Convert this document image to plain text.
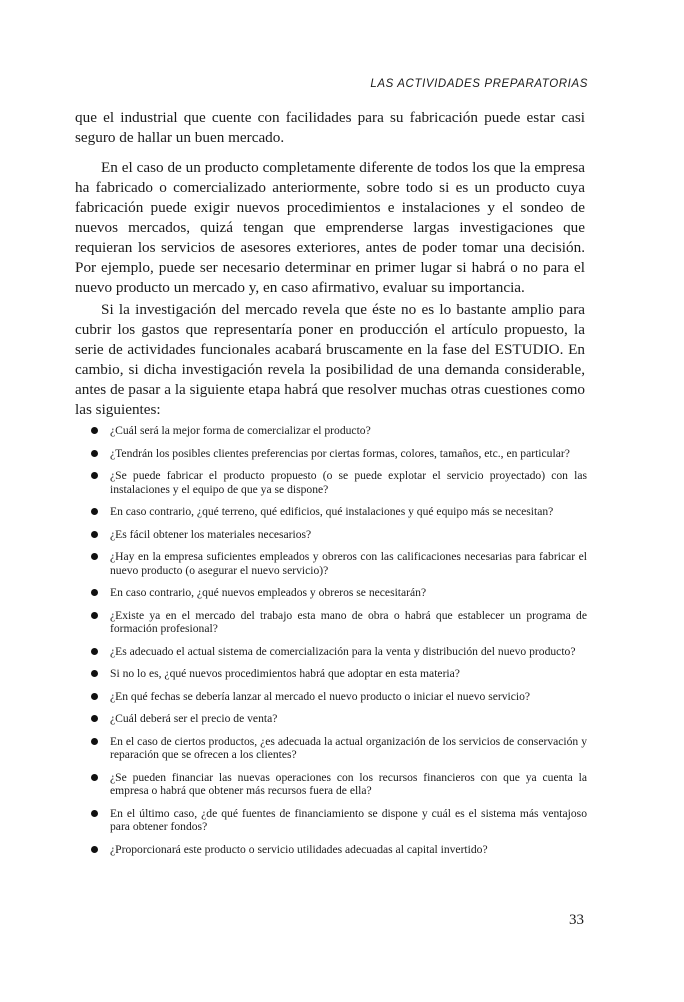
LAS ACTIVIDADES PREPARATORIAS

que el industrial que cuente con facilidades para su fabricación puede estar casi seguro de hallar un buen mercado.

En el caso de un producto completamente diferente de todos los que la empresa ha fabricado o comercializado anteriormente, sobre todo si es un producto cuya fabricación puede exigir nuevos procedimientos e instalaciones y el sondeo de nuevos mercados, quizá tengan que emprenderse largas investigaciones que requieran los servicios de asesores exteriores, antes de poder tomar una decisión. Por ejemplo, puede ser necesario determinar en primer lugar si habrá o no para el nuevo producto un mercado y, en caso afirmativo, evaluar su importancia.

Si la investigación del mercado revela que éste no es lo bastante amplio para cubrir los gastos que representaría poner en producción el artículo propuesto, la serie de actividades funcionales acabará bruscamente en la fase del ESTUDIO. En cambio, si dicha investigación revela la posibilidad de una demanda considerable, antes de pasar a la siguiente etapa habrá que resolver muchas otras cuestiones como las siguientes:

¿Cuál será la mejor forma de comercializar el producto?
¿Tendrán los posibles clientes preferencias por ciertas formas, colores, tamaños, etc., en particular?
¿Se puede fabricar el producto propuesto (o se puede explotar el servicio proyectado) con las instalaciones y el equipo de que ya se dispone?
En caso contrario, ¿qué terreno, qué edificios, qué instalaciones y qué equipo más se necesitan?
¿Es fácil obtener los materiales necesarios?
¿Hay en la empresa suficientes empleados y obreros con las calificaciones necesarias para fabricar el nuevo producto (o asegurar el nuevo servicio)?
En caso contrario, ¿qué nuevos empleados y obreros se necesitarán?
¿Existe ya en el mercado del trabajo esta mano de obra o habrá que establecer un programa de formación profesional?
¿Es adecuado el actual sistema de comercialización para la venta y distribución del nuevo producto?
Si no lo es, ¿qué nuevos procedimientos habrá que adoptar en esta materia?
¿En qué fechas se debería lanzar al mercado el nuevo producto o iniciar el nuevo servicio?
¿Cuál deberá ser el precio de venta?
En el caso de ciertos productos, ¿es adecuada la actual organización de los servicios de conservación y reparación que se ofrecen a los clientes?
¿Se pueden financiar las nuevas operaciones con los recursos financieros con que ya cuenta la empresa o habrá que obtener más recursos fuera de ella?
En el último caso, ¿de qué fuentes de financiamiento se dispone y cuál es el sistema más ventajoso para obtener fondos?
¿Proporcionará este producto o servicio utilidades adecuadas al capital invertido?
33
